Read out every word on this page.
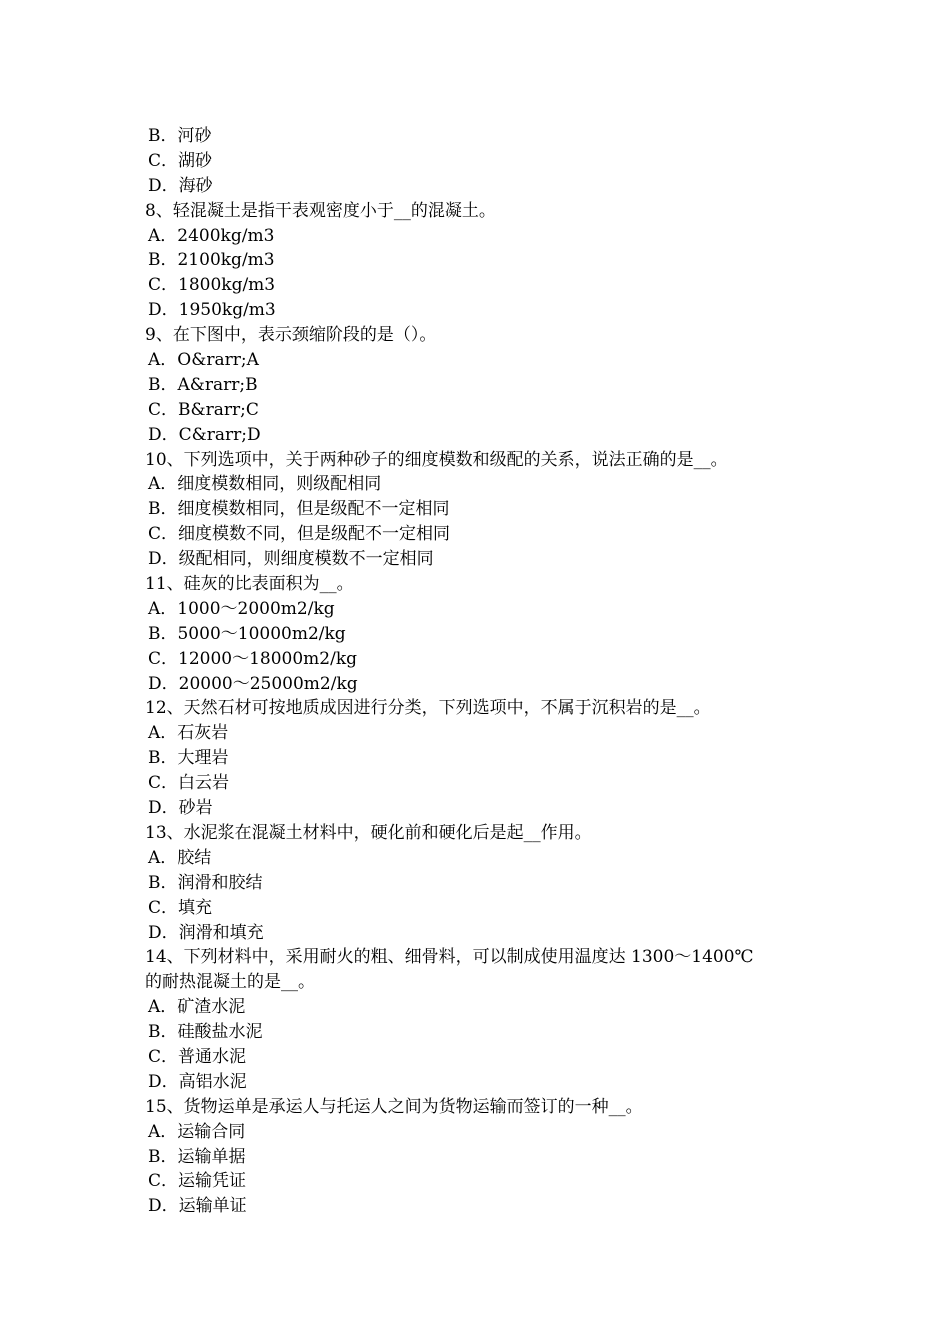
B．河砂
C．湖砂
D．海砂
8、轻混凝土是指干表观密度小于__的混凝土。
A．2400kg/m3
B．2100kg/m3
C．1800kg/m3
D．1950kg/m3
9、在下图中，表示颈缩阶段的是（）。
A．O&rarr;A
B．A&rarr;B
C．B&rarr;C
D．C&rarr;D
10、下列选项中，关于两种砂子的细度模数和级配的关系，说法正确的是__。
A．细度模数相同，则级配相同
B．细度模数相同，但是级配不一定相同
C．细度模数不同，但是级配不一定相同
D．级配相同，则细度模数不一定相同
11、硅灰的比表面积为__。
A．1000～2000m2/kg
B．5000～10000m2/kg
C．12000～18000m2/kg
D．20000～25000m2/kg
12、天然石材可按地质成因进行分类，下列选项中，不属于沉积岩的是__。
A．石灰岩
B．大理岩
C．白云岩
D．砂岩
13、水泥浆在混凝土材料中，硬化前和硬化后是起__作用。
A．胶结
B．润滑和胶结
C．填充
D．润滑和填充
14、下列材料中，采用耐火的粗、细骨料，可以制成使用温度达 1300～1400℃
的耐热混凝土的是__。
A．矿渣水泥
B．硅酸盐水泥
C．普通水泥
D．高铝水泥
15、货物运单是承运人与托运人之间为货物运输而签订的一种__。
A．运输合同
B．运输单据
C．运输凭证
D．运输单证
